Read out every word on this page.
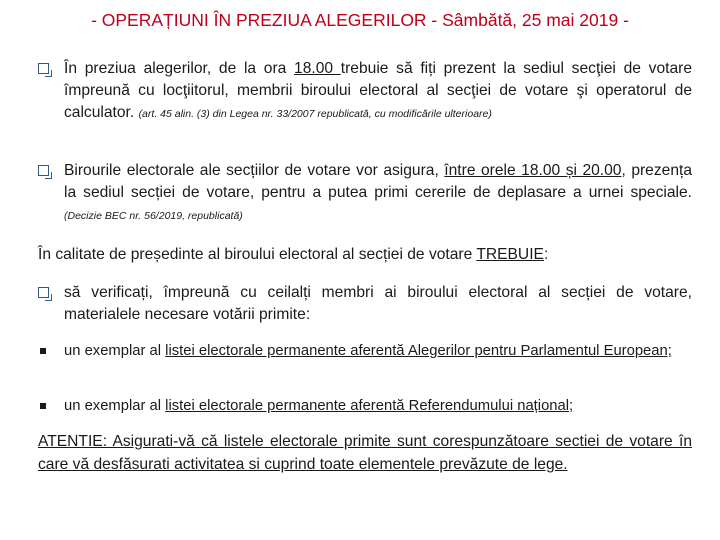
- OPERAȚIUNI ÎN PREZIUA ALEGERILOR - Sâmbătă, 25 mai 2019 -
În preziua alegerilor, de la ora 18.00 trebuie să fiți prezent la sediul secţiei de votare împreună cu locţiitorul, membrii biroului electoral al secţiei de votare şi operatorul de calculator. (art. 45 alin. (3) din Legea nr. 33/2007 republicată, cu modificările ulterioare)
Birourile electorale ale secțiilor de votare vor asigura, între orele 18.00 și 20.00, prezența la sediul secției de votare, pentru a putea primi cererile de deplasare a urnei speciale. (Decizie BEC nr. 56/2019, republicată)
În calitate de președinte al biroului electoral al secției de votare TREBUIE:
să verificați, împreună cu ceilalți membri ai biroului electoral al secției de votare, materialele necesare votării primite:
un exemplar al listei electorale permanente aferentă Alegerilor pentru Parlamentul European;
un exemplar al listei electorale permanente aferentă Referendumului național;
ATENTIE: Asigurati-vă că listele electorale primite sunt corespunzătoare sectiei de votare în care vă desfăsurati activitatea si cuprind toate elementele prevăzute de lege.
